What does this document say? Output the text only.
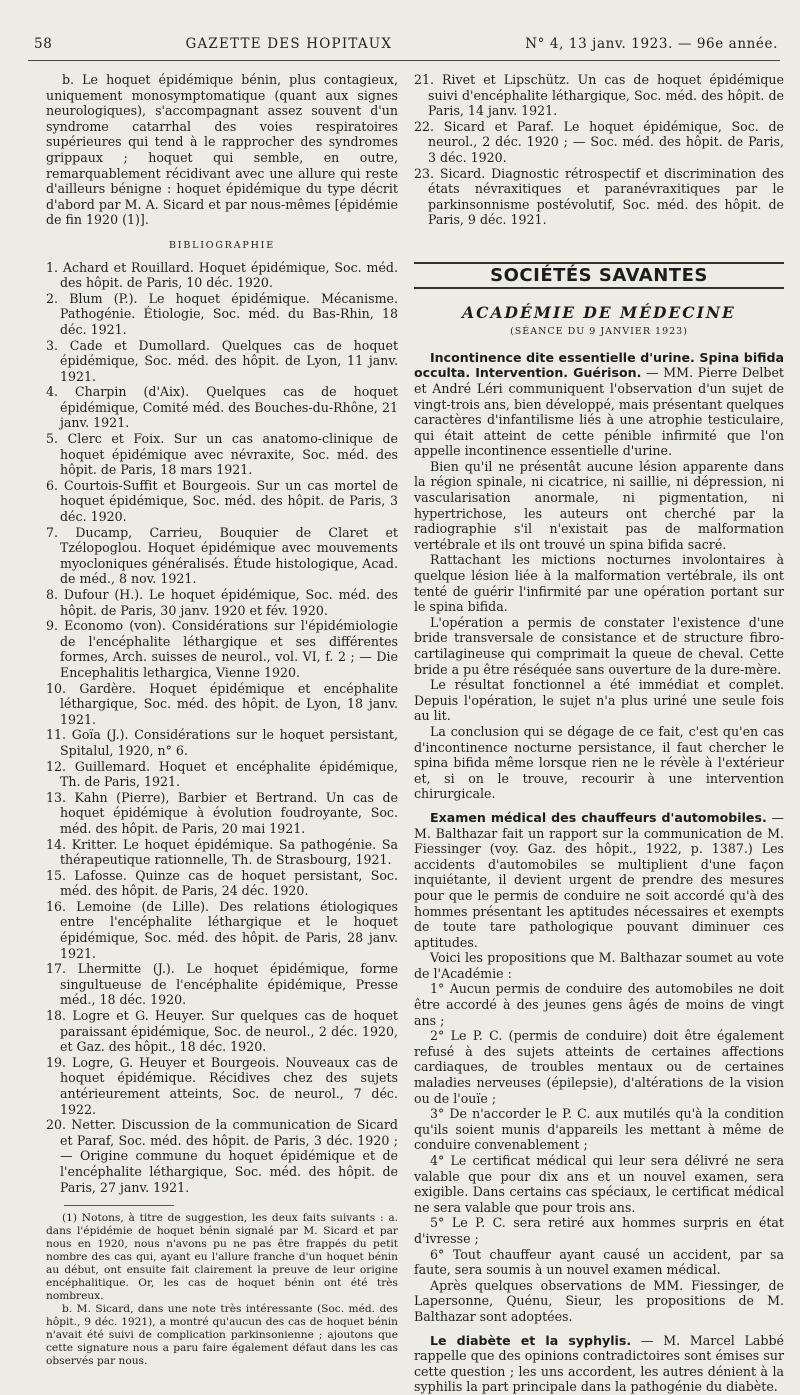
58	GAZETTE DES HOPITAUX	N° 4, 13 janv. 1923. — 96e année.

b. Le hoquet épidémique bénin, plus contagieux, uniquement monosymptomatique (quant aux signes neurologiques), s'accompagnant assez souvent d'un syndrome catarrhal des voies respiratoires supérieures qui tend à le rapprocher des syndromes grippaux ; hoquet qui semble, en outre, remarquablement récidivant avec une allure qui reste d'ailleurs bénigne : hoquet épidémique du type décrit d'abord par M. A. Sicard et par nous-mêmes [épidémie de fin 1920 (1)].

BIBLIOGRAPHIE

1. Achard et Rouillard. Hoquet épidémique, Soc. méd. des hôpit. de Paris, 10 déc. 1920.

2. Blum (P.). Le hoquet épidémique. Mécanisme. Pathogénie. Étiologie, Soc. méd. du Bas-Rhin, 18 déc. 1921.

3. Cade et Dumollard. Quelques cas de hoquet épidémique, Soc. méd. des hôpit. de Lyon, 11 janv. 1921.

4. Charpin (d'Aix). Quelques cas de hoquet épidémique, Comité méd. des Bouches-du-Rhône, 21 janv. 1921.

5. Clerc et Foix. Sur un cas anatomo-clinique de hoquet épidémique avec névraxite, Soc. méd. des hôpit. de Paris, 18 mars 1921.

6. Courtois-Suffit et Bourgeois. Sur un cas mortel de hoquet épidémique, Soc. méd. des hôpit. de Paris, 3 déc. 1920.

7. Ducamp, Carrieu, Bouquier de Claret et Tzélopoglou. Hoquet épidémique avec mouvements myocloniques généralisés. Étude histologique, Acad. de méd., 8 nov. 1921.

8. Dufour (H.). Le hoquet épidémique, Soc. méd. des hôpit. de Paris, 30 janv. 1920 et fév. 1920.

9. Economo (von). Considérations sur l'épidémiologie de l'encéphalite léthargique et ses différentes formes, Arch. suisses de neurol., vol. VI, f. 2 ; — Die Encephalitis lethargica, Vienne 1920.

10. Gardère. Hoquet épidémique et encéphalite léthargique, Soc. méd. des hôpit. de Lyon, 18 janv. 1921.

11. Goïa (J.). Considérations sur le hoquet persistant, Spitalul, 1920, n° 6.

12. Guillemard. Hoquet et encéphalite épidémique, Th. de Paris, 1921.

13. Kahn (Pierre), Barbier et Bertrand. Un cas de hoquet épidémique à évolution foudroyante, Soc. méd. des hôpit. de Paris, 20 mai 1921.

14. Kritter. Le hoquet épidémique. Sa pathogénie. Sa thérapeutique rationnelle, Th. de Strasbourg, 1921.

15. Lafosse. Quinze cas de hoquet persistant, Soc. méd. des hôpit. de Paris, 24 déc. 1920.

16. Lemoine (de Lille). Des relations étiologiques entre l'encéphalite léthargique et le hoquet épidémique, Soc. méd. des hôpit. de Paris, 28 janv. 1921.

17. Lhermitte (J.). Le hoquet épidémique, forme singultueuse de l'encéphalite épidémique, Presse méd., 18 déc. 1920.

18. Logre et G. Heuyer. Sur quelques cas de hoquet paraissant épidémique, Soc. de neurol., 2 déc. 1920, et Gaz. des hôpit., 18 déc. 1920.

19. Logre, G. Heuyer et Bourgeois. Nouveaux cas de hoquet épidémique. Récidives chez des sujets antérieurement atteints, Soc. de neurol., 7 déc. 1922.

20. Netter. Discussion de la communication de Sicard et Paraf, Soc. méd. des hôpit. de Paris, 3 déc. 1920 ; — Origine commune du hoquet épidémique et de l'encéphalite léthargique, Soc. méd. des hôpit. de Paris, 27 janv. 1921.

(1) Notons, à titre de suggestion, les deux faits suivants : a. dans l'épidémie de hoquet bénin signalé par M. Sicard et par nous en 1920, nous n'avons pu ne pas être frappés du petit nombre des cas qui, ayant eu l'allure franche d'un hoquet bénin au début, ont ensuite fait clairement la preuve de leur origine encéphalitique. Or, les cas de hoquet bénin ont été très nombreux.

b. M. Sicard, dans une note très intéressante (Soc. méd. des hôpit., 9 déc. 1921), a montré qu'aucun des cas de hoquet bénin n'avait été suivi de complication parkinsonienne ; ajoutons que cette signature nous a paru faire également défaut dans les cas observés par nous.

21. Rivet et Lipschütz. Un cas de hoquet épidémique suivi d'encéphalite léthargique, Soc. méd. des hôpit. de Paris, 14 janv. 1921.

22. Sicard et Paraf. Le hoquet épidémique, Soc. de neurol., 2 déc. 1920 ; — Soc. méd. des hôpit. de Paris, 3 déc. 1920.

23. Sicard. Diagnostic rétrospectif et discrimination des états névraxitiques et paranévraxitiques par le parkinsonnisme postévolutif, Soc. méd. des hôpit. de Paris, 9 déc. 1921.

SOCIÉTÉS SAVANTES
ACADÉMIE DE MÉDECINE
(SÉANCE DU 9 JANVIER 1923)

Incontinence dite essentielle d'urine. Spina bifida occulta. Intervention. Guérison. — MM. Pierre Delbet et André Léri communiquent l'observation d'un sujet de vingt-trois ans, bien développé, mais présentant quelques caractères d'infantilisme liés à une atrophie testiculaire, qui était atteint de cette pénible infirmité que l'on appelle incontinence essentielle d'urine.

Bien qu'il ne présentât aucune lésion apparente dans la région spinale, ni cicatrice, ni saillie, ni dépression, ni vascularisation anormale, ni pigmentation, ni hypertrichose, les auteurs ont cherché par la radiographie s'il n'existait pas de malformation vertébrale et ils ont trouvé un spina bifida sacré.

Rattachant les mictions nocturnes involontaires à quelque lésion liée à la malformation vertébrale, ils ont tenté de guérir l'infirmité par une opération portant sur le spina bifida.

L'opération a permis de constater l'existence d'une bride transversale de consistance et de structure fibro-cartilagineuse qui comprimait la queue de cheval. Cette bride a pu être réséquée sans ouverture de la dure-mère.

Le résultat fonctionnel a été immédiat et complet. Depuis l'opération, le sujet n'a plus uriné une seule fois au lit.

La conclusion qui se dégage de ce fait, c'est qu'en cas d'incontinence nocturne persistance, il faut chercher le spina bifida même lorsque rien ne le révèle à l'extérieur et, si on le trouve, recourir à une intervention chirurgicale.

Examen médical des chauffeurs d'automobiles. — M. Balthazar fait un rapport sur la communication de M. Fiessinger (voy. Gaz. des hôpit., 1922, p. 1387.) Les accidents d'automobiles se multiplient d'une façon inquiétante, il devient urgent de prendre des mesures pour que le permis de conduire ne soit accordé qu'à des hommes présentant les aptitudes nécessaires et exempts de toute tare pathologique pouvant diminuer ces aptitudes.

Voici les propositions que M. Balthazar soumet au vote de l'Académie :

1° Aucun permis de conduire des automobiles ne doit être accordé à des jeunes gens âgés de moins de vingt ans ;

2° Le P. C. (permis de conduire) doit être également refusé à des sujets atteints de certaines affections cardiaques, de troubles mentaux ou de certaines maladies nerveuses (épilepsie), d'altérations de la vision ou de l'ouïe ;

3° De n'accorder le P. C. aux mutilés qu'à la condition qu'ils soient munis d'appareils les mettant à même de conduire convenablement ;

4° Le certificat médical qui leur sera délivré ne sera valable que pour dix ans et un nouvel examen, sera exigible. Dans certains cas spéciaux, le certificat médical ne sera valable que pour trois ans.

5° Le P. C. sera retiré aux hommes surpris en état d'ivresse ;

6° Tout chauffeur ayant causé un accident, par sa faute, sera soumis à un nouvel examen médical.

Après quelques observations de MM. Fiessinger, de Lapersonne, Quénu, Sieur, les propositions de M. Balthazar sont adoptées.

Le diabète et la syphylis. — M. Marcel Labbé rappelle que des opinions contradictoires sont émises sur cette question ; les uns accordent, les autres dénient à la syphilis la part principale dans la pathogénie du diabète.
